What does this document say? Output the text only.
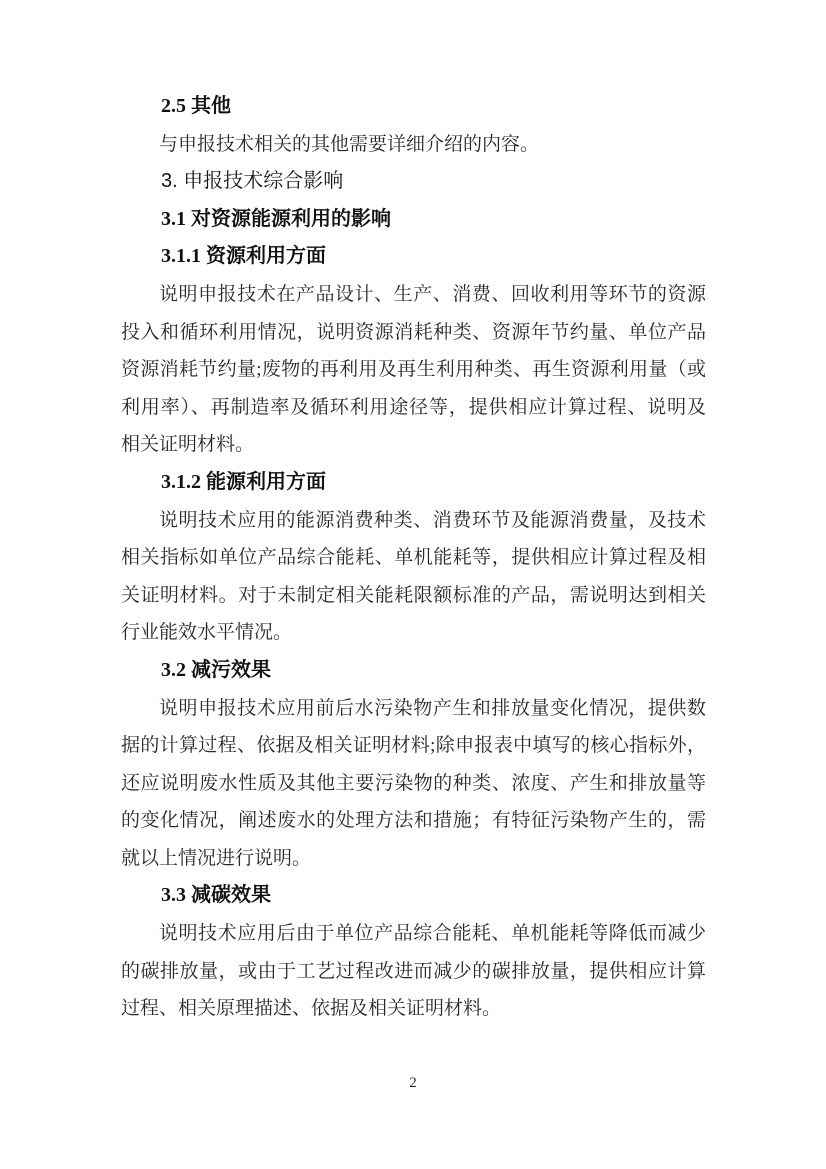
2.5 其他

与申报技术相关的其他需要详细介绍的内容。

3. 申报技术综合影响
3.1 对资源能源利用的影响
3.1.1 资源利用方面

说明申报技术在产品设计、生产、消费、回收利用等环节的资源
投入和循环利用情况，说明资源消耗种类、资源年节约量、单位产品
资源消耗节约量;废物的再利用及再生利用种类、再生资源利用量（或
利用率）、再制造率及循环利用途径等，提供相应计算过程、说明及
相关证明材料。

3.1.2 能源利用方面

说明技术应用的能源消费种类、消费环节及能源消费量，及技术
相关指标如单位产品综合能耗、单机能耗等，提供相应计算过程及相
关证明材料。对于未制定相关能耗限额标准的产品，需说明达到相关
行业能效水平情况。

3.2 减污效果

说明申报技术应用前后水污染物产生和排放量变化情况，提供数
据的计算过程、依据及相关证明材料;除申报表中填写的核心指标外，
还应说明废水性质及其他主要污染物的种类、浓度、产生和排放量等
的变化情况，阐述废水的处理方法和措施；有特征污染物产生的，需
就以上情况进行说明。

3.3 减碳效果

说明技术应用后由于单位产品综合能耗、单机能耗等降低而减少
的碳排放量，或由于工艺过程改进而减少的碳排放量，提供相应计算
过程、相关原理描述、依据及相关证明材料。

2
